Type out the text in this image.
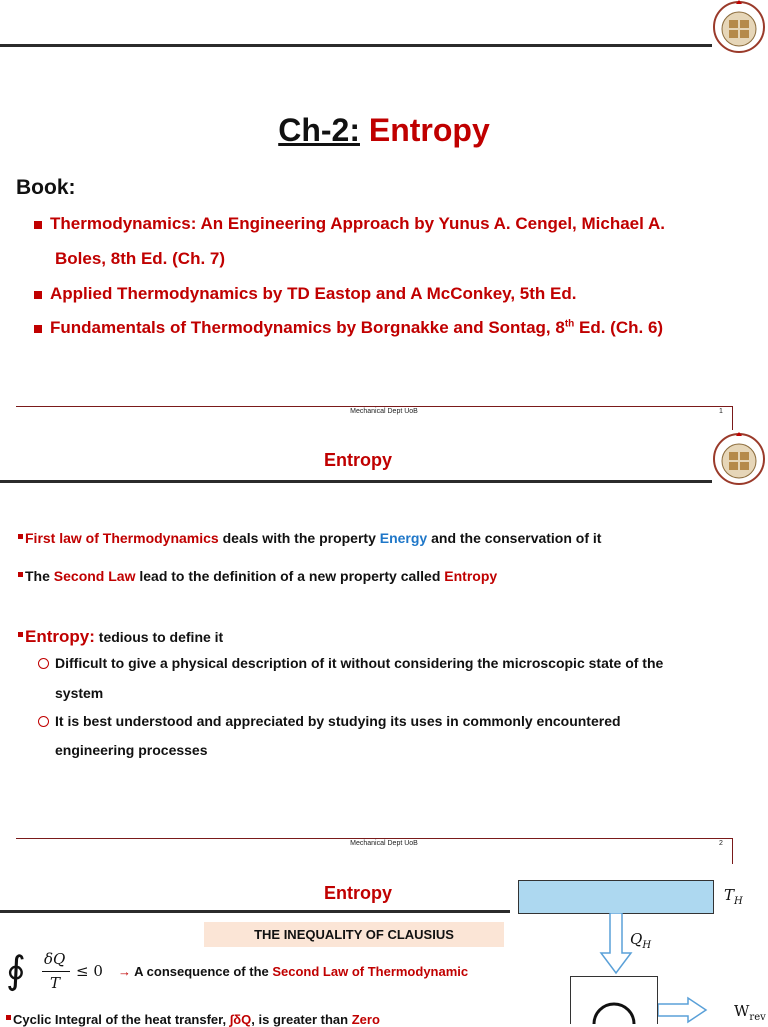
Ch-2: Entropy
Book:
Thermodynamics: An Engineering Approach by Yunus A. Cengel, Michael A.
Boles, 8th Ed. (Ch. 7)
Applied Thermodynamics by TD Eastop and A McConkey, 5th Ed.
Fundamentals of Thermodynamics by Borgnakke and Sontag, 8th Ed. (Ch. 6)
Mechanical Dept UoB	1
Entropy
First law of Thermodynamics deals with the property Energy and the conservation of it
The Second Law lead to the definition of a new property called Entropy
Entropy: tedious to define it
Difficult to give a physical description of it without considering the microscopic state of the
system
It is best understood and appreciated by studying its uses in commonly encountered
engineering processes
Mechanical Dept UoB	2
Entropy
THE INEQUALITY OF CLAUSIUS
∮ δQ
T
≤ 0 → A consequence of the Second Law of Thermodynamic
Cyclic Integral of the heat transfer, ∫δQ, is greater than Zero
$T_H$
$Q_H$
$W_{rev}$
